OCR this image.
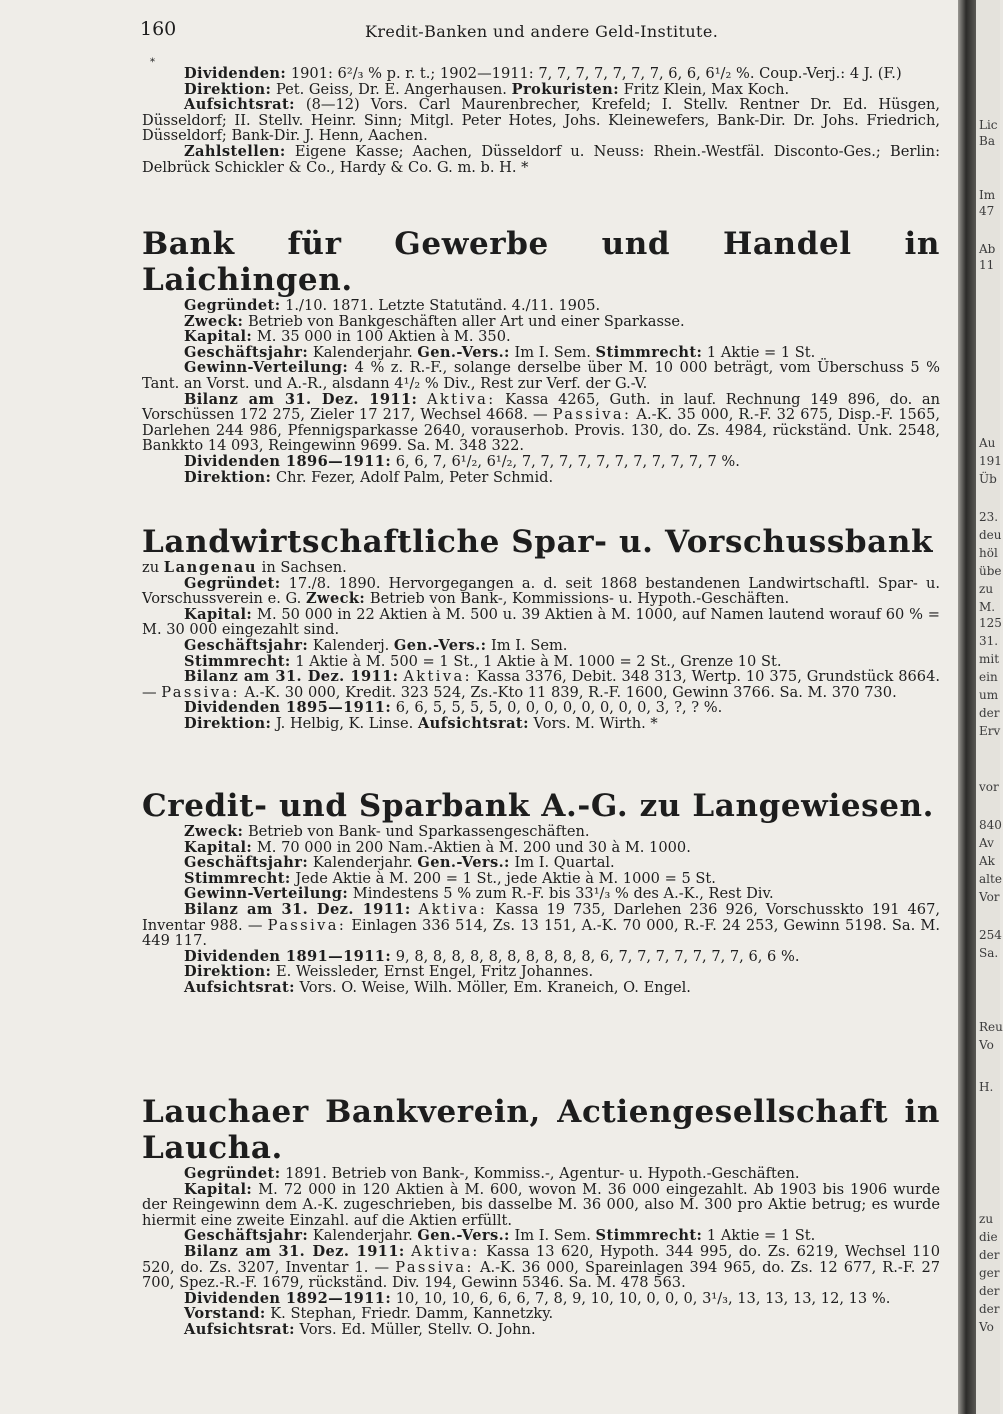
160	Kredit-Banken und andere Geld-Institute.
*

Dividenden: 1901: 6²/₃ % p. r. t.; 1902—1911: 7, 7, 7, 7, 7, 7, 7, 6, 6, 6¹/₂ %. Coup.-Verj.: 4 J. (F.)

Direktion: Pet. Geiss, Dr. E. Angerhausen. Prokuristen: Fritz Klein, Max Koch.

Aufsichtsrat: (8—12) Vors. Carl Maurenbrecher, Krefeld; I. Stellv. Rentner Dr. Ed. Hüsgen, Düsseldorf; II. Stellv. Heinr. Sinn; Mitgl. Peter Hotes, Johs. Kleinewefers, Bank-Dir. Dr. Johs. Friedrich, Düsseldorf; Bank-Dir. J. Henn, Aachen.

Zahlstellen: Eigene Kasse; Aachen, Düsseldorf u. Neuss: Rhein.-Westfäl. Disconto-Ges.; Berlin: Delbrück Schickler & Co., Hardy & Co. G. m. b. H. *

Bank für Gewerbe und Handel in Laichingen.

Gegründet: 1./10. 1871. Letzte Statutänd. 4./11. 1905.

Zweck: Betrieb von Bankgeschäften aller Art und einer Sparkasse.

Kapital: M. 35 000 in 100 Aktien à M. 350.

Geschäftsjahr: Kalenderjahr. Gen.-Vers.: Im I. Sem. Stimmrecht: 1 Aktie = 1 St.

Gewinn-Verteilung: 4 % z. R.-F., solange derselbe über M. 10 000 beträgt, vom Überschuss 5 % Tant. an Vorst. und A.-R., alsdann 4¹/₂ % Div., Rest zur Verf. der G.-V.

Bilanz am 31. Dez. 1911: Aktiva: Kassa 4265, Guth. in lauf. Rechnung 149 896, do. an Vorschüssen 172 275, Zieler 17 217, Wechsel 4668. — Passiva: A.-K. 35 000, R.-F. 32 675, Disp.-F. 1565, Darlehen 244 986, Pfennigsparkasse 2640, vorauserhob. Provis. 130, do. Zs. 4984, rückständ. Unk. 2548, Bankkto 14 093, Reingewinn 9699. Sa. M. 348 322.

Dividenden 1896—1911: 6, 6, 7, 6¹/₂, 6¹/₂, 7, 7, 7, 7, 7, 7, 7, 7, 7, 7, 7 %.

Direktion: Chr. Fezer, Adolf Palm, Peter Schmid.

Landwirtschaftliche Spar- u. Vorschussbank

zu Langenau in Sachsen.

Gegründet: 17./8. 1890. Hervorgegangen a. d. seit 1868 bestandenen Landwirtschaftl. Spar- u. Vorschussverein e. G. Zweck: Betrieb von Bank-, Kommissions- u. Hypoth.-Geschäften.

Kapital: M. 50 000 in 22 Aktien à M. 500 u. 39 Aktien à M. 1000, auf Namen lautend worauf 60 % = M. 30 000 eingezahlt sind.

Geschäftsjahr: Kalenderj. Gen.-Vers.: Im I. Sem.

Stimmrecht: 1 Aktie à M. 500 = 1 St., 1 Aktie à M. 1000 = 2 St., Grenze 10 St.

Bilanz am 31. Dez. 1911: Aktiva: Kassa 3376, Debit. 348 313, Wertp. 10 375, Grundstück 8664. — Passiva: A.-K. 30 000, Kredit. 323 524, Zs.-Kto 11 839, R.-F. 1600, Gewinn 3766. Sa. M. 370 730.

Dividenden 1895—1911: 6, 6, 5, 5, 5, 5, 0, 0, 0, 0, 0, 0, 0, 0, 3, ?, ? %.

Direktion: J. Helbig, K. Linse. Aufsichtsrat: Vors. M. Wirth. *

Credit- und Sparbank A.-G. zu Langewiesen.

Zweck: Betrieb von Bank- und Sparkassengeschäften.

Kapital: M. 70 000 in 200 Nam.-Aktien à M. 200 und 30 à M. 1000.

Geschäftsjahr: Kalenderjahr. Gen.-Vers.: Im I. Quartal.

Stimmrecht: Jede Aktie à M. 200 = 1 St., jede Aktie à M. 1000 = 5 St.

Gewinn-Verteilung: Mindestens 5 % zum R.-F. bis 33¹/₃ % des A.-K., Rest Div.

Bilanz am 31. Dez. 1911: Aktiva: Kassa 19 735, Darlehen 236 926, Vorschusskto 191 467, Inventar 988. — Passiva: Einlagen 336 514, Zs. 13 151, A.-K. 70 000, R.-F. 24 253, Gewinn 5198. Sa. M. 449 117.

Dividenden 1891—1911: 9, 8, 8, 8, 8, 8, 8, 8, 8, 8, 8, 6, 7, 7, 7, 7, 7, 7, 7, 6, 6 %.

Direktion: E. Weissleder, Ernst Engel, Fritz Johannes.

Aufsichtsrat: Vors. O. Weise, Wilh. Möller, Em. Kraneich, O. Engel.

Lauchaer Bankverein, Actiengesellschaft in Laucha.

Gegründet: 1891. Betrieb von Bank-, Kommiss.-, Agentur- u. Hypoth.-Geschäften.

Kapital: M. 72 000 in 120 Aktien à M. 600, wovon M. 36 000 eingezahlt. Ab 1903 bis 1906 wurde der Reingewinn dem A.-K. zugeschrieben, bis dasselbe M. 36 000, also M. 300 pro Aktie betrug; es wurde hiermit eine zweite Einzahl. auf die Aktien erfüllt.

Geschäftsjahr: Kalenderjahr. Gen.-Vers.: Im I. Sem. Stimmrecht: 1 Aktie = 1 St.

Bilanz am 31. Dez. 1911: Aktiva: Kassa 13 620, Hypoth. 344 995, do. Zs. 6219, Wechsel 110 520, do. Zs. 3207, Inventar 1. — Passiva: A.-K. 36 000, Spareinlagen 394 965, do. Zs. 12 677, R.-F. 27 700, Spez.-R.-F. 1679, rückständ. Div. 194, Gewinn 5346. Sa. M. 478 563.

Dividenden 1892—1911: 10, 10, 10, 6, 6, 6, 7, 8, 9, 10, 10, 0, 0, 0, 3¹/₃, 13, 13, 13, 12, 13 %.

Vorstand: K. Stephan, Friedr. Damm, Kannetzky.

Aufsichtsrat: Vors. Ed. Müller, Stellv. O. John.

Lic
Ba
Im
47
Ab
11
Au
191
Üb
23.
deu
höl
übe
zu
M.
125
31.
mit
ein
um
der
Erv
vor
840
Av
Ak
alte
Vor
254
Sa.
Reu
Vo
H.
zu
die
der
ger
der
der
Vo
